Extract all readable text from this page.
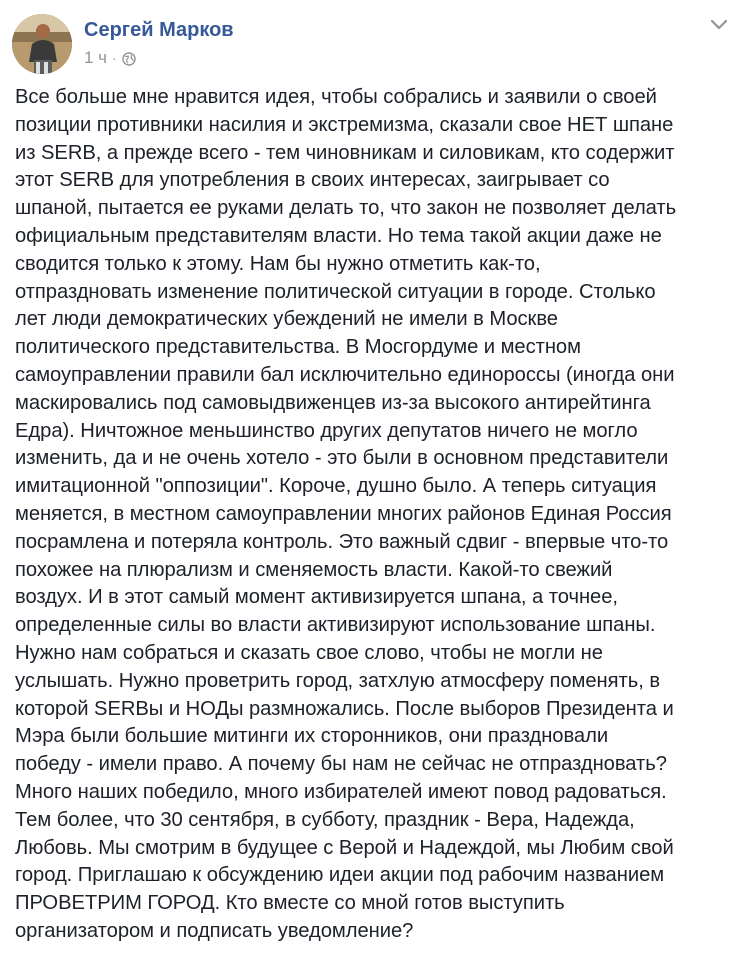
Сергей Марков
1 ч ·
Все больше мне нравится идея, чтобы собрались и заявили о своей
позиции противники насилия и экстремизма, сказали свое НЕТ шпане
из SERB, а прежде всего - тем чиновникам и силовикам, кто содержит
этот SERB для употребления в своих интересах, заигрывает со
шпаной, пытается ее руками делать то, что закон не позволяет делать
официальным представителям власти. Но тема такой акции даже не
сводится только к этому. Нам бы нужно отметить как-то,
отпраздновать изменение политической ситуации в городе. Столько
лет люди демократических убеждений не имели в Москве
политического представительства. В Мосгордуме и местном
самоуправлении правили бал исключительно единороссы (иногда они
маскировались под самовыдвиженцев из-за высокого антирейтинга
Едра). Ничтожное меньшинство других депутатов ничего не могло
изменить, да и не очень хотело - это были в основном представители
имитационной "оппозиции". Короче, душно было. А теперь ситуация
меняется, в местном самоуправлении многих районов Единая Россия
посрамлена и потеряла контроль. Это важный сдвиг - впервые что-то
похожее на плюрализм и сменяемость власти. Какой-то свежий
воздух. И в этот самый момент активизируется шпана, а точнее,
определенные силы во власти активизируют использование шпаны.
Нужно нам собраться и сказать свое слово, чтобы не могли не
услышать. Нужно проветрить город, затхлую атмосферу поменять, в
которой SERBы и НОДы размножались. После выборов Президента и
Мэра были большие митинги их сторонников, они праздновали
победу - имели право. А почему бы нам не сейчас не отпраздновать?
Много наших победило, много избирателей имеют повод радоваться.
Тем более, что 30 сентября, в субботу, праздник - Вера, Надежда,
Любовь. Мы смотрим в будущее с Верой и Надеждой, мы Любим свой
город. Приглашаю к обсуждению идеи акции под рабочим названием
ПРОВЕТРИМ ГОРОД. Кто вместе со мной готов выступить
организатором и подписать уведомление?
